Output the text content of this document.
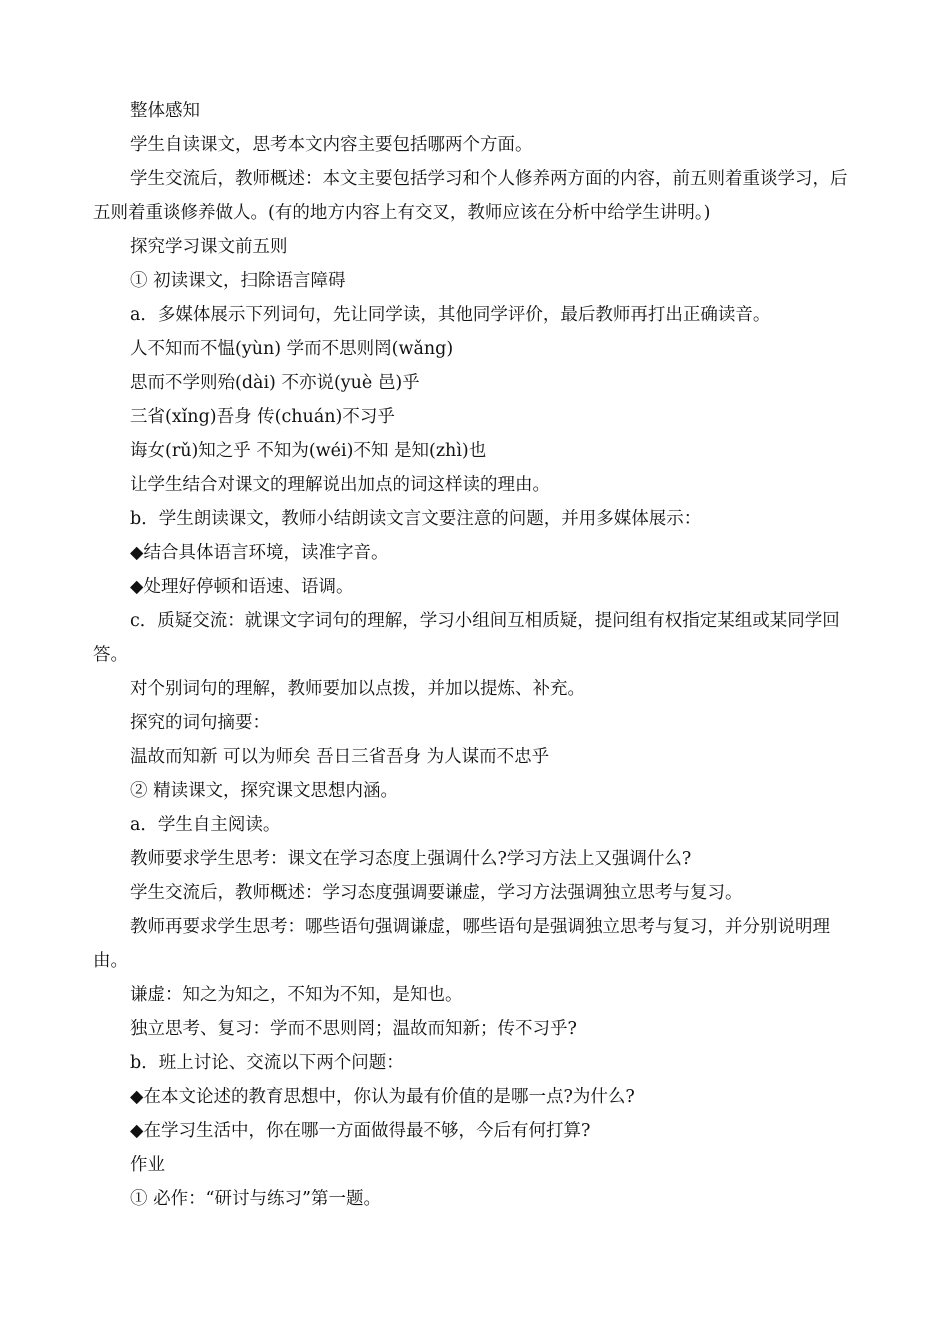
整体感知

学生自读课文，思考本文内容主要包括哪两个方面。

学生交流后，教师概述：本文主要包括学习和个人修养两方面的内容，前五则着重谈学习，后五则着重谈修养做人。(有的地方内容上有交叉，教师应该在分析中给学生讲明。)

探究学习课文前五则

① 初读课文，扫除语言障碍

a．多媒体展示下列词句，先让同学读，其他同学评价，最后教师再打出正确读音。

人不知而不愠(yùn) 学而不思则罔(wǎng)

思而不学则殆(dài) 不亦说(yuè 邑)乎

三省(xǐng)吾身 传(chuán)不习乎

诲女(rǔ)知之乎 不知为(wéi)不知 是知(zhì)也

让学生结合对课文的理解说出加点的词这样读的理由。

b．学生朗读课文，教师小结朗读文言文要注意的问题，并用多媒体展示：

◆结合具体语言环境，读准字音。

◆处理好停顿和语速、语调。

c．质疑交流：就课文字词句的理解，学习小组间互相质疑，提问组有权指定某组或某同学回答。

对个别词句的理解，教师要加以点拨，并加以提炼、补充。

探究的词句摘要：

温故而知新 可以为师矣 吾日三省吾身 为人谋而不忠乎

② 精读课文，探究课文思想内涵。

a．学生自主阅读。

教师要求学生思考：课文在学习态度上强调什么?学习方法上又强调什么?

学生交流后，教师概述：学习态度强调要谦虚，学习方法强调独立思考与复习。

教师再要求学生思考：哪些语句强调谦虚，哪些语句是强调独立思考与复习，并分别说明理由。

谦虚：知之为知之，不知为不知，是知也。

独立思考、复习：学而不思则罔；温故而知新；传不习乎?

b．班上讨论、交流以下两个问题：

◆在本文论述的教育思想中，你认为最有价值的是哪一点?为什么?

◆在学习生活中，你在哪一方面做得最不够，今后有何打算?

作业

① 必作：“研讨与练习”第一题。
